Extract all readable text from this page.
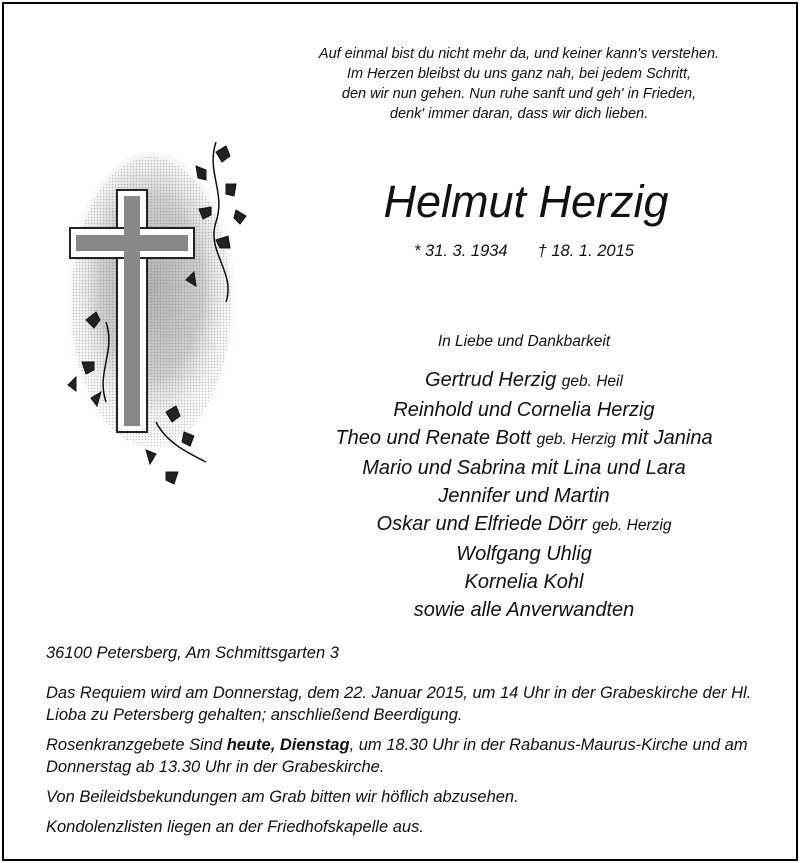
Auf einmal bist du nicht mehr da, und keiner kann's verstehen.
Im Herzen bleibst du uns ganz nah, bei jedem Schritt,
den wir nun gehen. Nun ruhe sanft und geh' in Frieden,
denk' immer daran, dass wir dich lieben.
Helmut Herzig
* 31. 3. 1934 † 18. 1. 2015
In Liebe und Dankbarkeit
Gertrud Herzig geb. Heil
Reinhold und Cornelia Herzig
Theo und Renate Bott geb. Herzig mit Janina
Mario und Sabrina mit Lina und Lara
Jennifer und Martin
Oskar und Elfriede Dörr geb. Herzig
Wolfgang Uhlig
Kornelia Kohl
sowie alle Anverwandten
36100 Petersberg, Am Schmittsgarten 3

Das Requiem wird am Donnerstag, dem 22. Januar 2015, um 14 Uhr in der Grabeskirche der Hl. Lioba zu Petersberg gehalten; anschließend Beerdigung.

Rosenkranzgebete Sind heute, Dienstag, um 18.30 Uhr in der Rabanus-Maurus-Kirche und am Donnerstag ab 13.30 Uhr in der Grabeskirche.

Von Beileidsbekundungen am Grab bitten wir höflich abzusehen.

Kondolenzlisten liegen an der Friedhofskapelle aus.
